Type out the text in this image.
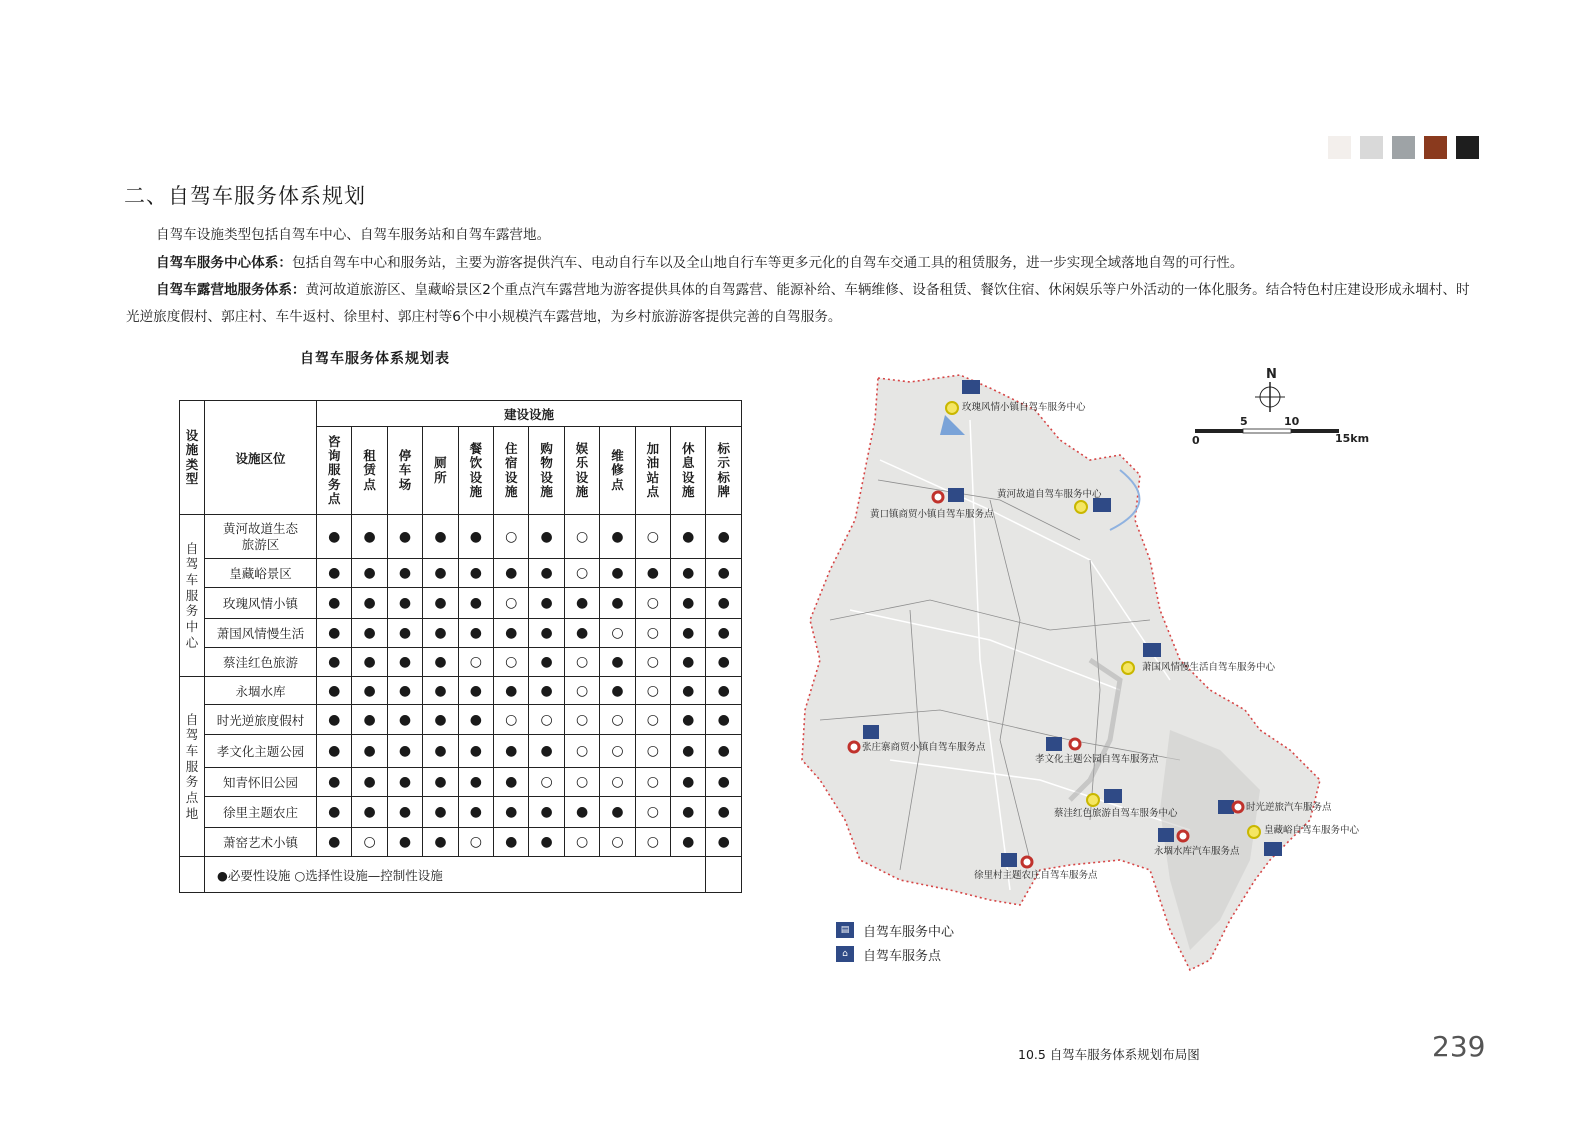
二、自驾车服务体系规划
自驾车设施类型包括自驾车中心、自驾车服务站和自驾车露营地。
自驾车服务中心体系：包括自驾车中心和服务站，主要为游客提供汽车、电动自行车以及全山地自行车等更多元化的自驾车交通工具的租赁服务，进一步实现全域落地自驾的可行性。
自驾车露营地服务体系：黄河故道旅游区、皇藏峪景区2个重点汽车露营地为游客提供具体的自驾露营、能源补给、车辆维修、设备租赁、餐饮住宿、休闲娱乐等户外活动的一体化服务。结合特色村庄建设形成永堌村、时光逆旅度假村、郭庄村、车牛返村、徐里村、郭庄村等6个中小规模汽车露营地，为乡村旅游游客提供完善的自驾服务。
自驾车服务体系规划表
设施类型	设施区位	建设设施											
		咨询服务点	租赁点	停车场	厕所	餐饮设施	住宿设施	购物设施	娱乐设施	维修点	加油站点	休息设施	标示标牌
自驾车服务中心	黄河故道生态旅游区	●	●	●	●	●	○	●	○	●	○	●	●
	皇藏峪景区	●	●	●	●	●	●	●	○	●	●	●	●
	玫瑰风情小镇	●	●	●	●	●	○	●	●	●	○	●	●
	萧国风情慢生活	●	●	●	●	●	●	●	●	○	○	●	●
	蔡洼红色旅游	●	●	●	●	○	○	●	○	●	○	●	●
自驾车服务点地	永堌水库	●	●	●	●	●	●	●	○	●	○	●	●
	时光逆旅度假村	●	●	●	●	●	○	○	○	○	○	●	●
	孝文化主题公园	●	●	●	●	●	●	●	○	○	○	●	●
	知青怀旧公园	●	●	●	●	●	●	○	○	○	○	●	●
	徐里主题农庄	●	●	●	●	●	●	●	●	●	○	●	●
	萧窑艺术小镇	●	○	●	●	○	●	●	○	○	○	●	●
	●必要性设施 ○选择性设施—控制性设施												
N
0
5	10
15km
玫瑰风情小镇自驾车服务中心
黄河故道自驾车服务中心
黄口镇商贸小镇自驾车服务点
萧国风情慢生活自驾车服务中心
张庄寨商贸小镇自驾车服务点
孝文化主题公园自驾车服务点
时光逆旅汽车服务点
蔡洼红色旅游自驾车服务中心
皇藏峪自驾车服务中心
永堌水库汽车服务点
徐里村主题农庄自驾车服务点
▤	自驾车服务中心
⌂	自驾车服务点
10.5 自驾车服务体系规划布局图	239
